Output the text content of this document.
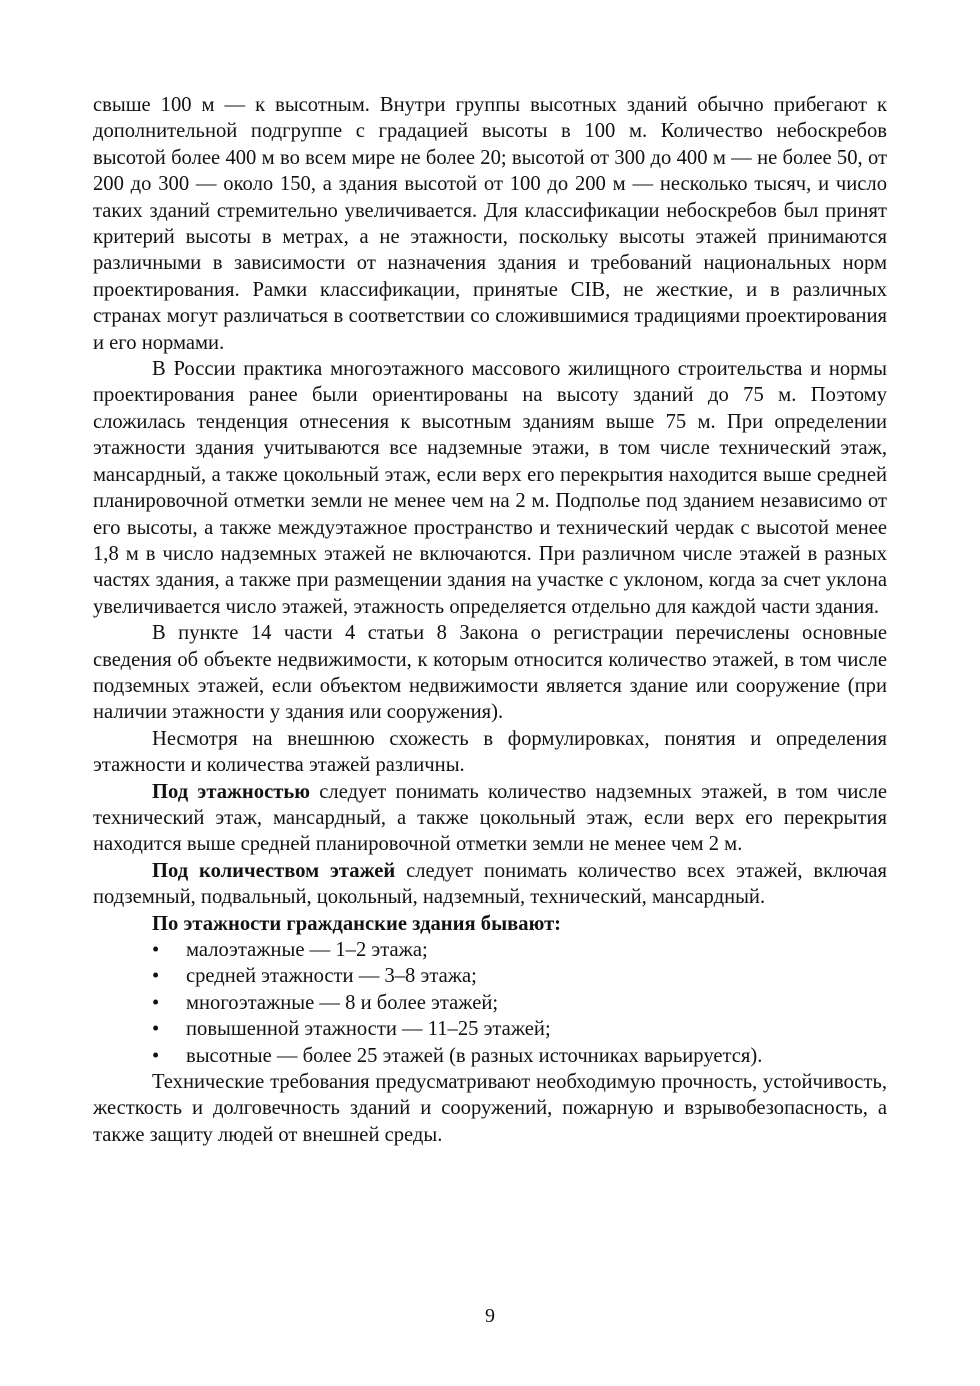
свыше 100 м — к высотным. Внутри группы высотных зданий обычно прибегают к дополнительной подгруппе с градацией высоты в 100 м. Количество небоскребов высотой более 400 м во всем мире не более 20; высотой от 300 до 400 м — не более 50, от 200 до 300 — около 150, а здания высотой от 100 до 200 м — несколько тысяч, и число таких зданий стремительно увеличивается. Для классификации небоскребов был принят критерий высоты в метрах, а не этажности, поскольку высоты этажей принимаются различными в зависимости от назначения здания и требований национальных норм проектирования. Рамки классификации, принятые CIB, не жесткие, и в различных странах могут различаться в соответствии со сложившимися традициями проектирования и его нормами.

В России практика многоэтажного массового жилищного строительства и нормы проектирования ранее были ориентированы на высоту зданий до 75 м. Поэтому сложилась тенденция отнесения к высотным зданиям выше 75 м. При определении этажности здания учитываются все надземные этажи, в том числе технический этаж, мансардный, а также цокольный этаж, если верх его перекрытия находится выше средней планировочной отметки земли не менее чем на 2 м. Подполье под зданием независимо от его высоты, а также междуэтажное пространство и технический чердак с высотой менее 1,8 м в число надземных этажей не включаются. При различном числе этажей в разных частях здания, а также при размещении здания на участке с уклоном, когда за счет уклона увеличивается число этажей, этажность определяется отдельно для каждой части здания.

В пункте 14 части 4 статьи 8 Закона о регистрации перечислены основные сведения об объекте недвижимости, к которым относится количество этажей, в том числе подземных этажей, если объектом недвижимости является здание или сооружение (при наличии этажности у здания или сооружения).

Несмотря на внешнюю схожесть в формулировках, понятия и определения этажности и количества этажей различны.

Под этажностью следует понимать количество надземных этажей, в том числе технический этаж, мансардный, а также цокольный этаж, если верх его перекрытия находится выше средней планировочной отметки земли не менее чем 2 м.

Под количеством этажей следует понимать количество всех этажей, включая подземный, подвальный, цокольный, надземный, технический, мансардный.

По этажности гражданские здания бывают:

• малоэтажные — 1–2 этажа;
• средней этажности — 3–8 этажа;
• многоэтажные — 8 и более этажей;
• повышенной этажности — 11–25 этажей;
• высотные — более 25 этажей (в разных источниках варьируется).

Технические требования предусматривают необходимую прочность, устойчивость, жесткость и долговечность зданий и сооружений, пожарную и взрывобезопасность, а также защиту людей от внешней среды.

9
